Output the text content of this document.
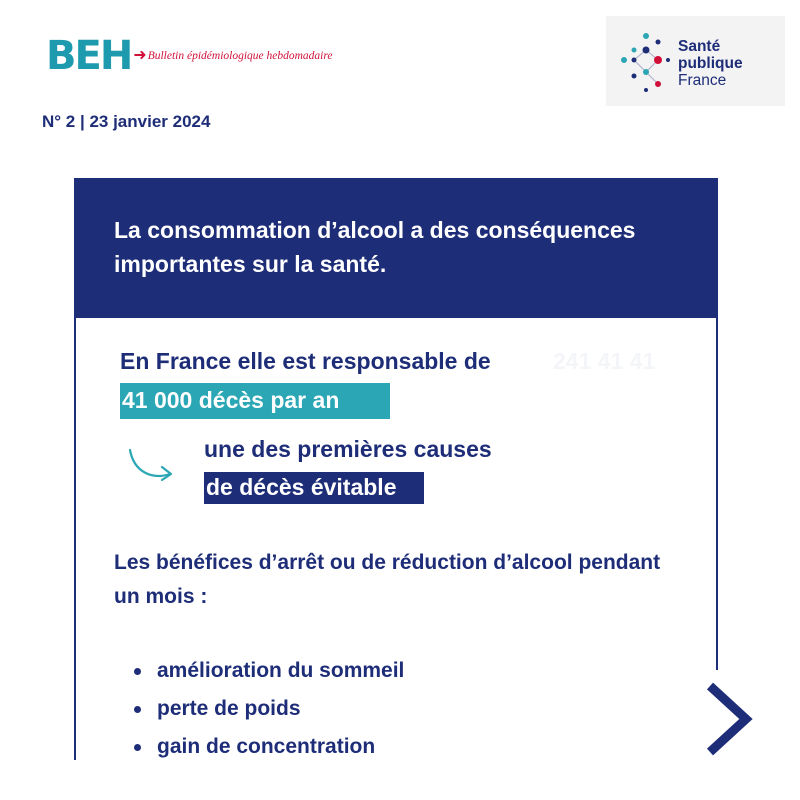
BEH ➜ Bulletin épidémiologique hebdomadaire
N° 2 | 23 janvier 2024
Santé
publique
France
La consommation d’alcool a des conséquences importantes sur la santé.
En France elle est responsable de	241 41 41
41 000 décès par an
une des premières causes
de décès évitable
Les bénéfices d’arrêt ou de réduction d’alcool pendant un mois :
amélioration du sommeil
perte de poids
gain de concentration
